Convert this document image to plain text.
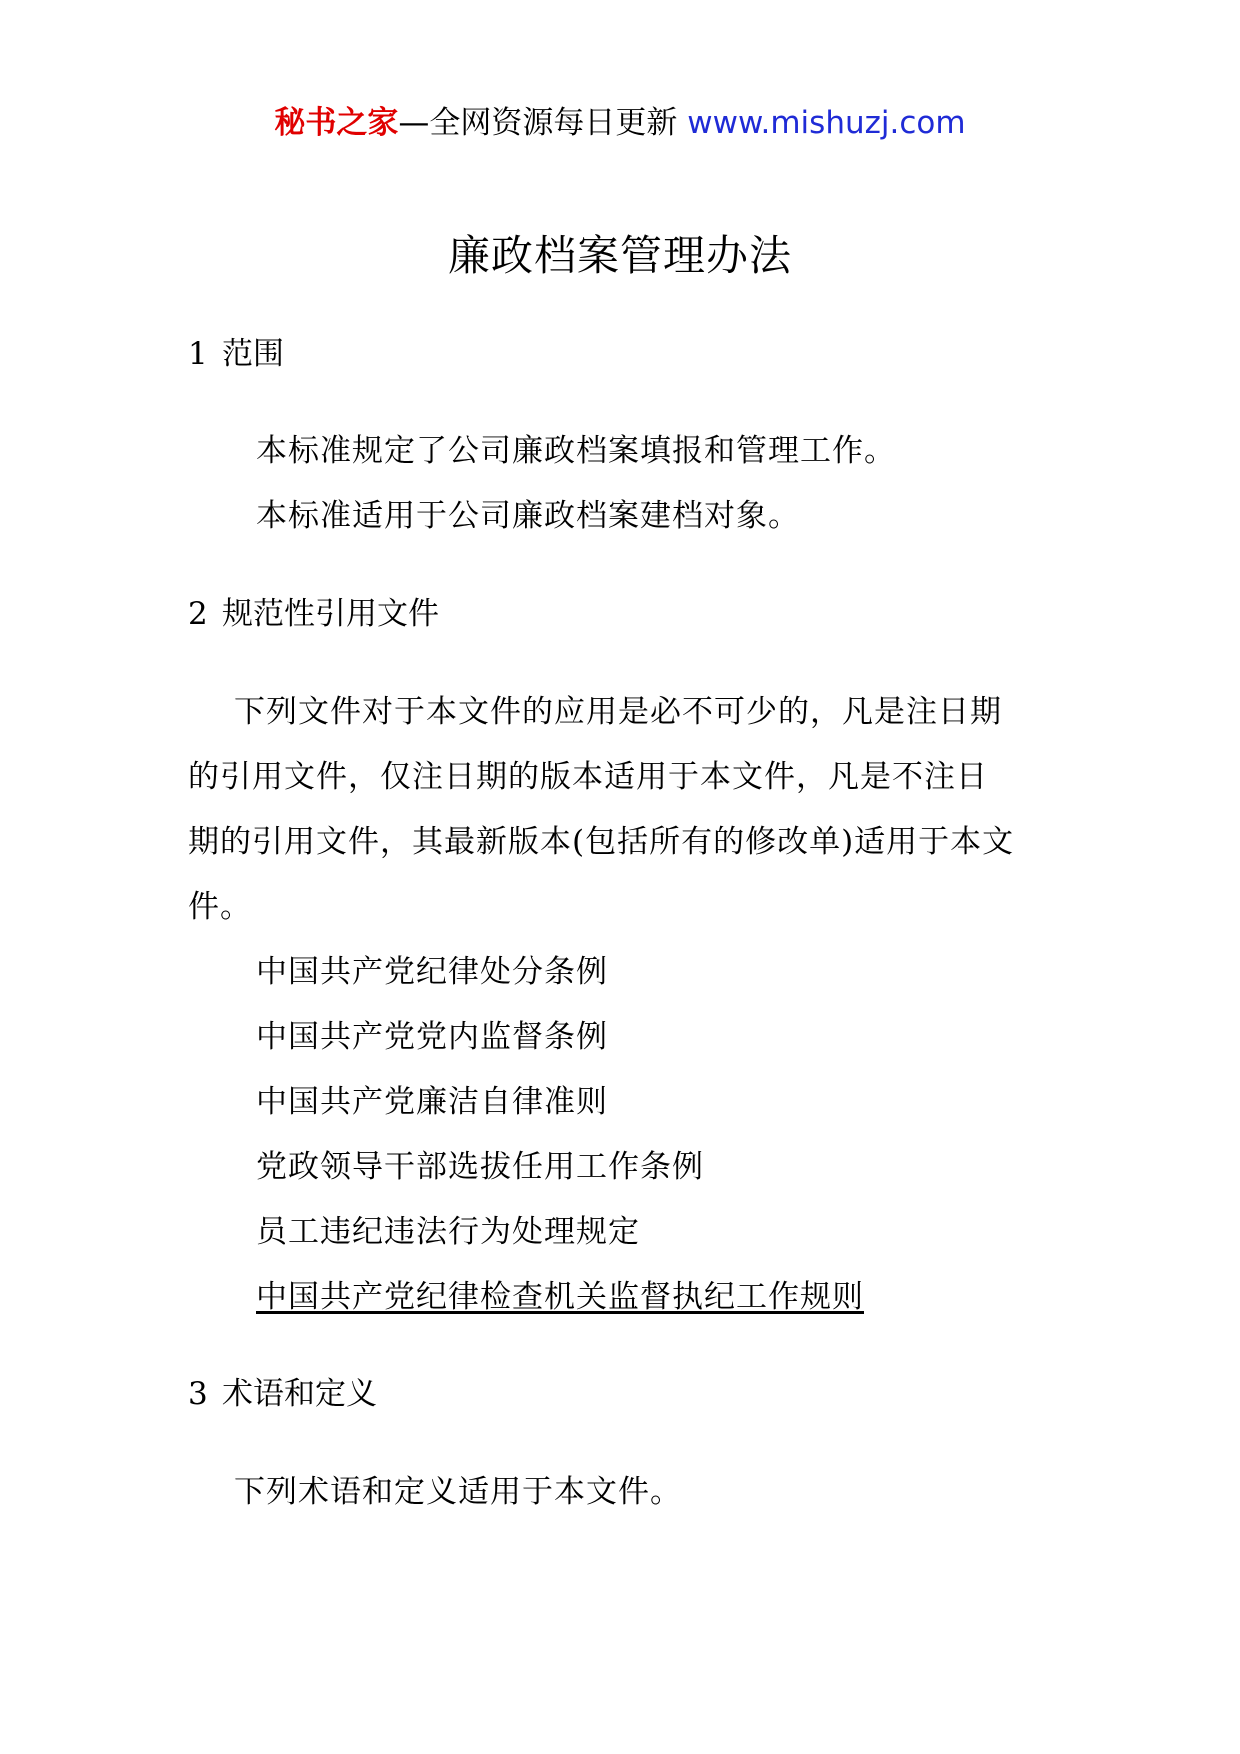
秘书之家—全网资源每日更新 www.mishuzj.com
廉政档案管理办法
1 范围
本标准规定了公司廉政档案填报和管理工作。
本标准适用于公司廉政档案建档对象。
2 规范性引用文件
下列文件对于本文件的应用是必不可少的，凡是注日期
的引用文件，仅注日期的版本适用于本文件，凡是不注日
期的引用文件，其最新版本(包括所有的修改单)适用于本文
件。
中国共产党纪律处分条例
中国共产党党内监督条例
中国共产党廉洁自律准则
党政领导干部选拔任用工作条例
员工违纪违法行为处理规定
中国共产党纪律检查机关监督执纪工作规则
3 术语和定义
下列术语和定义适用于本文件。
